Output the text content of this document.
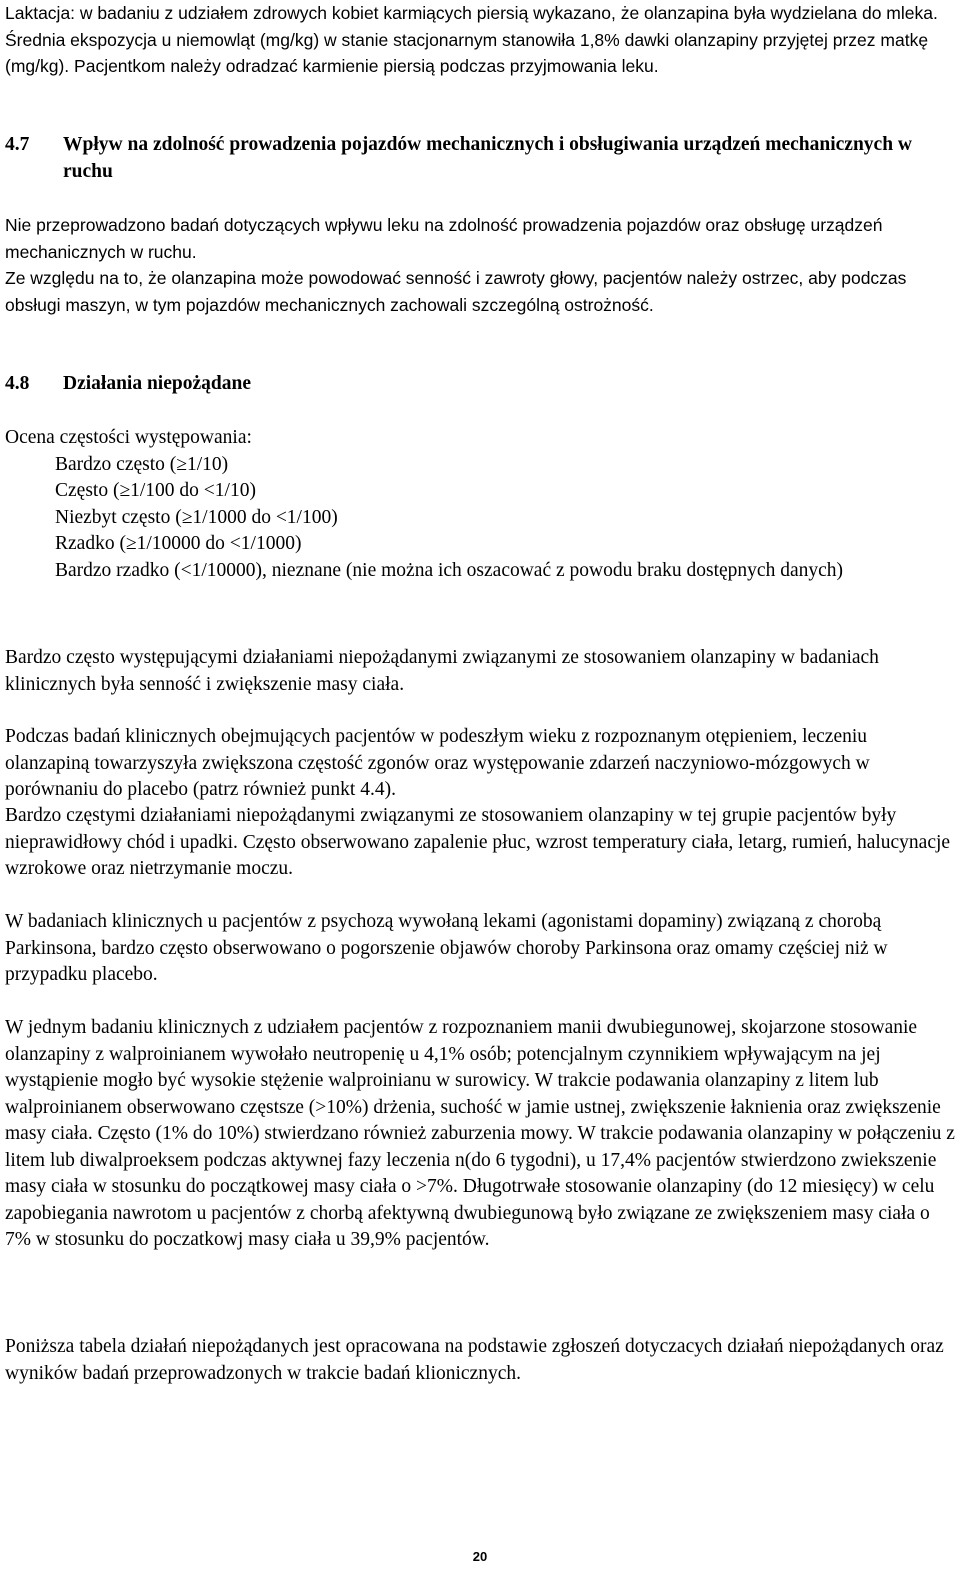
Laktacja: w badaniu z udziałem zdrowych kobiet karmiących piersią wykazano, że olanzapina była wydzielana do mleka. Średnia ekspozycja u niemowląt (mg/kg) w stanie stacjonarnym stanowiła 1,8% dawki olanzapiny przyjętej przez matkę (mg/kg). Pacjentkom należy odradzać karmienie piersią podczas przyjmowania leku.

4.7	Wpływ na zdolność prowadzenia pojazdów mechanicznych i obsługiwania urządzeń mechanicznych w ruchu

Nie przeprowadzono badań dotyczących wpływu leku na zdolność prowadzenia pojazdów oraz obsługę urządzeń mechanicznych w ruchu.

Ze względu na to, że olanzapina może powodować senność i zawroty głowy, pacjentów należy ostrzec, aby podczas obsługi maszyn, w tym pojazdów mechanicznych zachowali szczególną ostrożność.

4.8	Działania niepożądane
Ocena częstości występowania:
Bardzo często (≥1/10)
Często (≥1/100 do <1/10)
Niezbyt często (≥1/1000 do <1/100)
Rzadko (≥1/10000 do <1/1000)
Bardzo rzadko (<1/10000), nieznane (nie można ich oszacować z powodu braku dostępnych danych)

Bardzo często występującymi działaniami niepożądanymi związanymi ze stosowaniem olanzapiny w badaniach klinicznych była senność i zwiększenie masy ciała.

Podczas badań klinicznych obejmujących pacjentów w podeszłym wieku z rozpoznanym otępieniem, leczeniu olanzapiną towarzyszyła zwiększona częstość zgonów oraz występowanie zdarzeń naczyniowo-mózgowych w porównaniu do placebo (patrz również punkt 4.4).

Bardzo częstymi działaniami niepożądanymi związanymi ze stosowaniem olanzapiny w tej grupie pacjentów były nieprawidłowy chód i upadki. Często obserwowano zapalenie płuc, wzrost temperatury ciała, letarg, rumień, halucynacje wzrokowe oraz nietrzymanie moczu.

W badaniach klinicznych u pacjentów z psychozą wywołaną lekami (agonistami dopaminy) związaną z chorobą Parkinsona, bardzo często obserwowano o pogorszenie objawów choroby Parkinsona oraz omamy częściej niż w przypadku placebo.

W jednym badaniu klinicznych z udziałem pacjentów z rozpoznaniem manii dwubiegunowej, skojarzone stosowanie olanzapiny z walproinianem wywołało neutropenię u 4,1% osób; potencjalnym czynnikiem wpływającym na jej wystąpienie mogło być wysokie stężenie walproinianu w surowicy. W trakcie podawania olanzapiny z litem lub walproinianem obserwowano częstsze (>10%) drżenia, suchość w jamie ustnej, zwiększenie łaknienia oraz zwiększenie masy ciała. Często (1% do 10%) stwierdzano również zaburzenia mowy. W trakcie podawania olanzapiny w połączeniu z litem lub diwalproeksem podczas aktywnej fazy leczenia n(do 6 tygodni), u 17,4% pacjentów stwierdzono zwiekszenie masy ciała w stosunku do początkowej masy ciała o >7%. Długotrwałe stosowanie olanzapiny (do 12 miesięcy) w celu zapobiegania nawrotom u pacjentów z chorbą afektywną dwubiegunową było związane ze zwiększeniem masy ciała o 7% w stosunku do poczatkowj masy ciała u 39,9% pacjentów.

Poniższa tabela działań niepożądanych jest opracowana na podstawie zgłoszeń dotyczacych działań niepożądanych oraz wyników badań przeprowadzonych w trakcie badań klionicznych.

20
